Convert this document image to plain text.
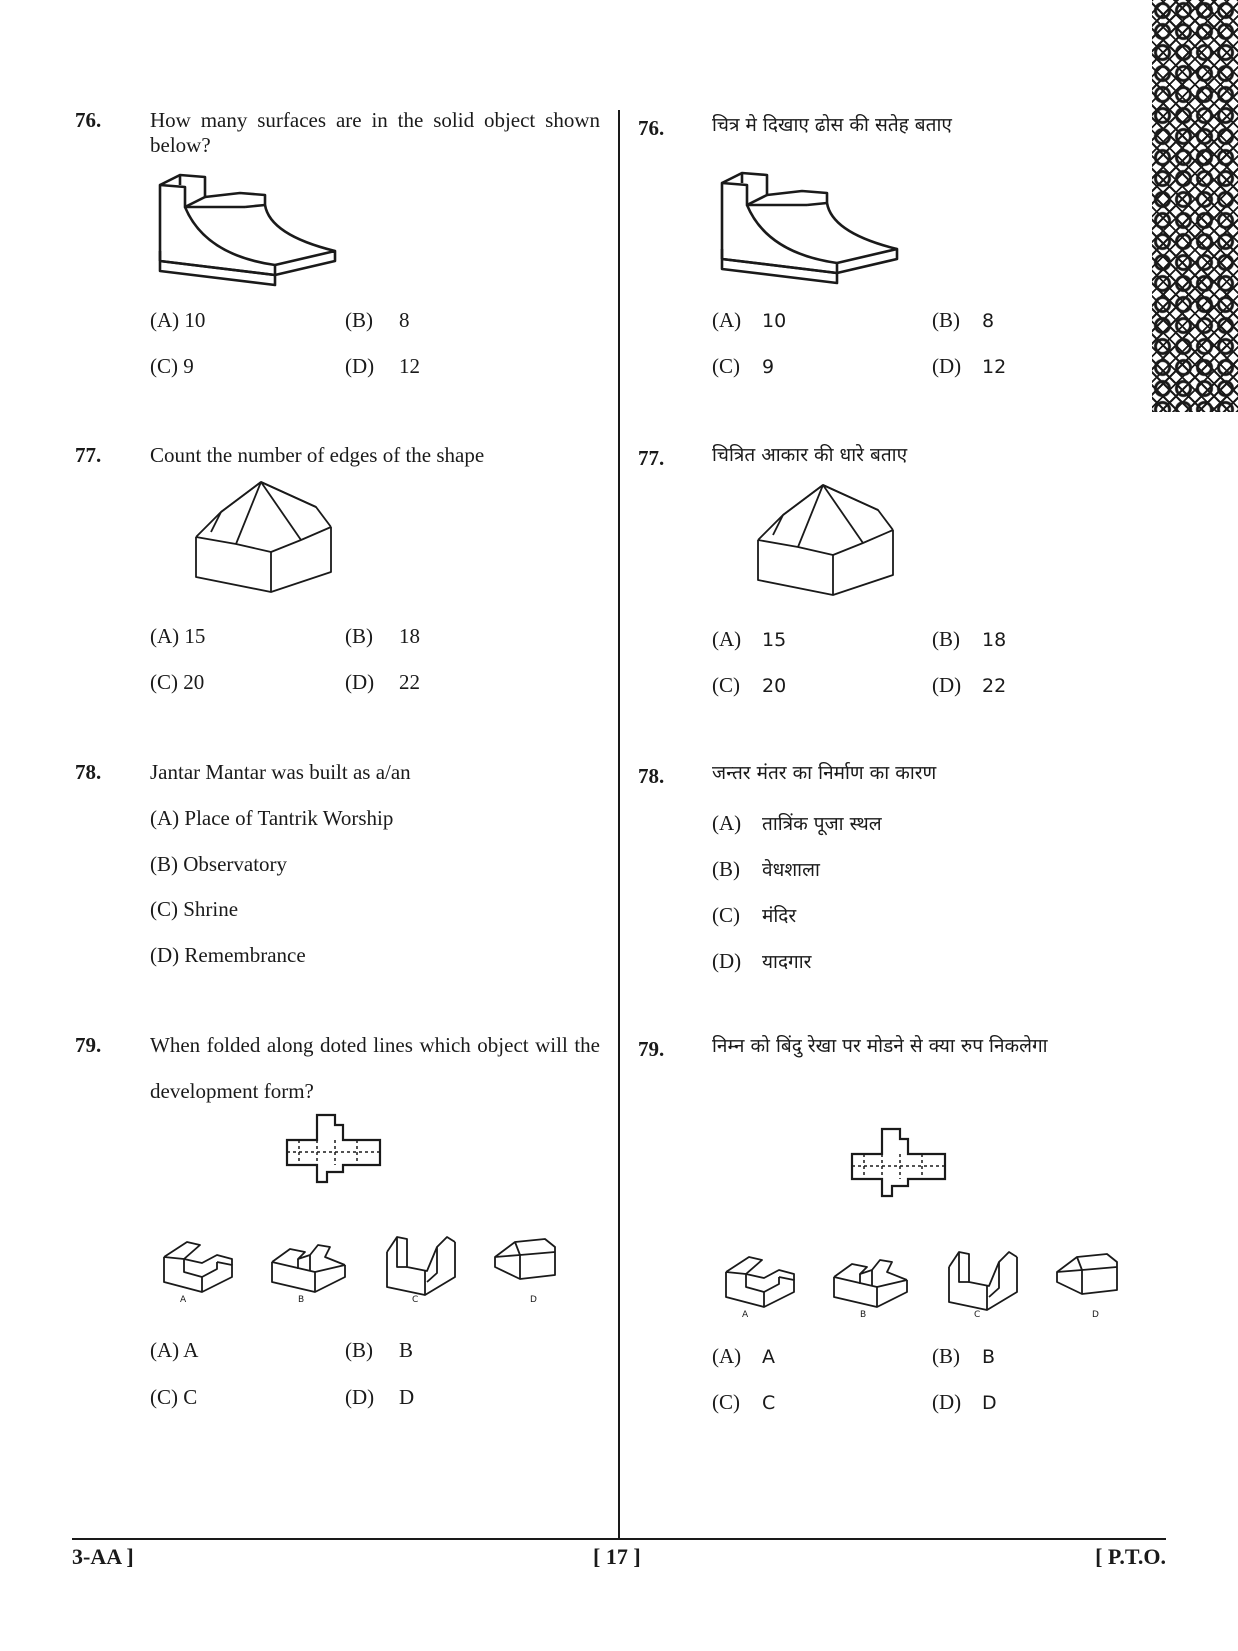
76. How many surfaces are in the solid object shown below?
(A) 10	(B) 8
(C) 9	(D) 12
77. Count the number of edges of the shape
(A) 15	(B) 18
(C) 20	(D) 22
78. Jantar Mantar was built as a/an
(A) Place of Tantrik Worship
(B) Observatory
(C) Shrine
(D) Remembrance
79. When folded along doted lines which object will the development form?
A	B	C	D
(A) A	(B) B
(C) C	(D) D
76.	चित्र मे दिखाए ढोस की सतेह बताए
(A) 10	(B) 8
(C) 9	(D) 12
77.	चित्रित आकार की धारे बताए
(A) 15	(B) 18
(C) 20	(D) 22
78.	जन्तर मंतर का निर्माण का कारण
(A) तात्रिंक पूजा स्थल
(B) वेधशाला
(C) मंदिर
(D) यादगार
79.	निम्न को बिंदु रेखा पर मोडने से क्या रुप निकलेगा
A	B	C	D
(A) A	(B) B
(C) C	(D) D
3-AA ]	[ 17 ]	[ P.T.O.
